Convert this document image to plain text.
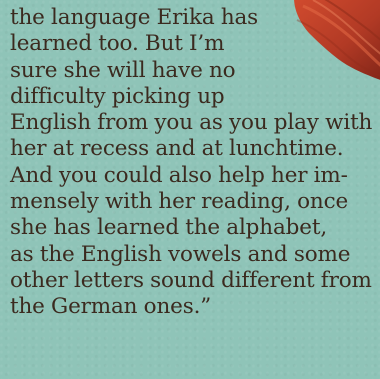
the language Erika has
learned too. But I’m
sure she will have no
difficulty picking up
English from you as you play with
her at recess and at lunchtime.
And you could also help her im-
mensely with her reading, once
she has learned the alphabet,
as the English vowels and some
other letters sound different from
the German ones.”
